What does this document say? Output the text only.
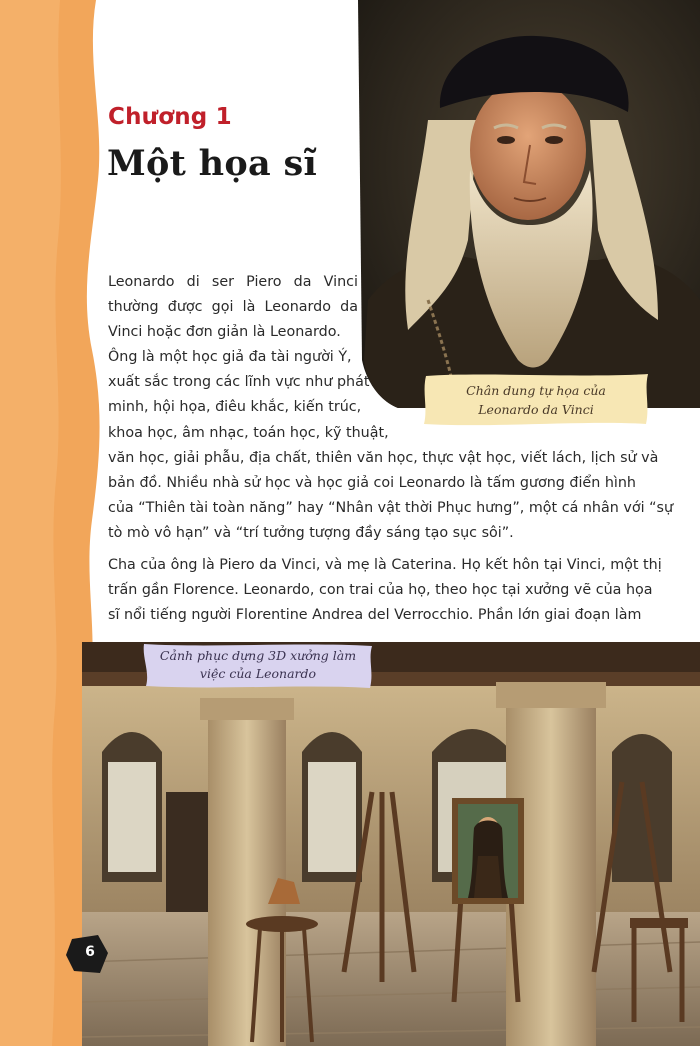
Chương 1
Một họa sĩ
Leonardo di ser Piero da Vinci
thường được gọi là Leonardo da
Vinci hoặc đơn giản là Leonardo.
Ông là một học giả đa tài người Ý,
xuất sắc trong các lĩnh vực như phát
minh, hội họa, điêu khắc, kiến trúc,
khoa học, âm nhạc, toán học, kỹ thuật,
văn học, giải phẫu, địa chất, thiên văn học, thực vật học, viết lách, lịch sử và
bản đồ. Nhiều nhà sử học và học giả coi Leonardo là tấm gương điển hình
của “Thiên tài toàn năng” hay “Nhân vật thời Phục hưng”, một cá nhân với “sự
tò mò vô hạn” và “trí tưởng tượng đầy sáng tạo sục sôi”.
Cha của ông là Piero da Vinci, và mẹ là Caterina. Họ kết hôn tại Vinci, một thị
trấn gần Florence. Leonardo, con trai của họ, theo học tại xưởng vẽ của họa
sĩ nổi tiếng người Florentine Andrea del Verrocchio. Phần lớn giai đoạn làm
Chân dung tự họa của
Leonardo da Vinci
Cảnh phục dựng 3D xưởng làm
việc của Leonardo
6
